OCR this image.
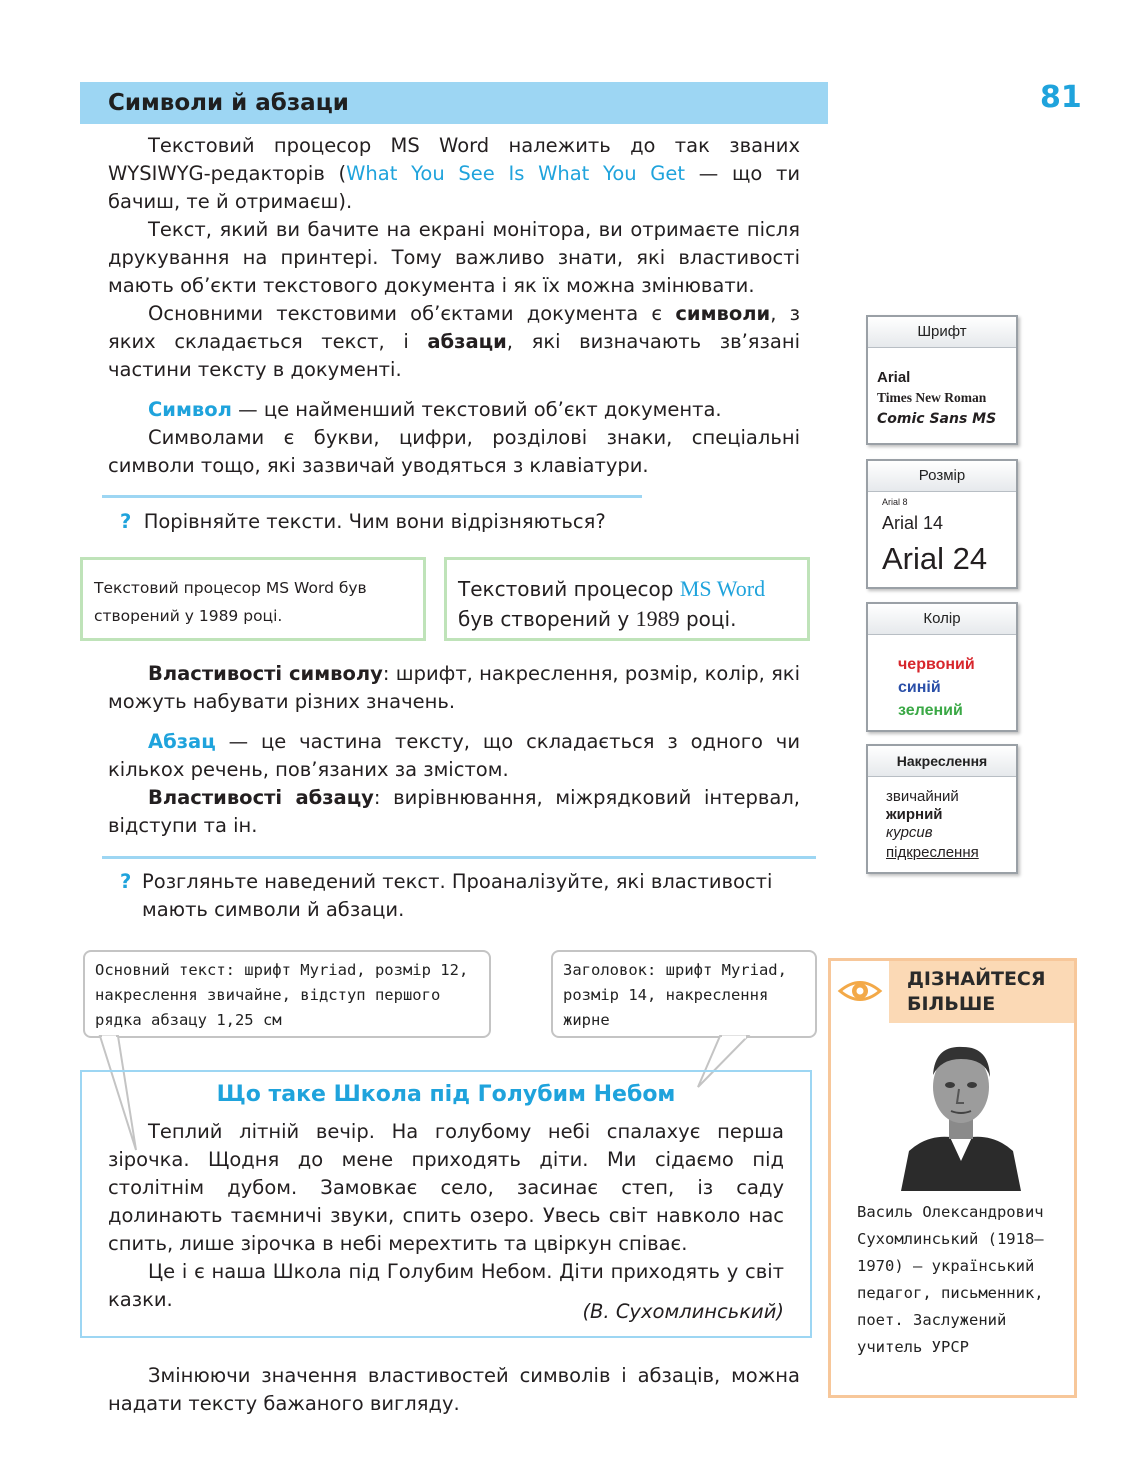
Символи й абзаци	81

Текстовий процесор MS Word належить до так званих WYSIWYG-редакторів (What You See Is What You Get — що ти бачиш, те й отримаєш).

Текст, який ви бачите на екрані монітора, ви отримаєте після друкування на принтері. Тому важливо знати, які властивості мають об’єкти текстового документа і як їх можна змінювати.

Основними текстовими об’єктами документа є символи, з яких складається текст, і абзаци, які визначають зв’язані частини тексту в документі.

Символ — це найменший текстовий об’єкт документа.

Символами є букви, цифри, розділові знаки, спеціальні символи тощо, які зазвичай уводяться з клавіатури.

? Порівняйте тексти. Чим вони відрізняються?
Текстовий процесор MS Word був створений у 1989 році.
Текстовий процесор MS Word був створений у 1989 році.

Властивості символу: шрифт, накреслення, розмір, колір, які можуть набувати різних значень.

Абзац — це частина тексту, що складається з одного чи кількох речень, пов’язаних за змістом.

Властивості абзацу: вирівнювання, міжрядковий інтервал, відступи та ін.

? Розгляньте наведений текст. Проаналізуйте, які властивості мають символи й абзаци.
Основний текст: шрифт Myriad, розмір 12, накреслення звичайне, відступ першого рядка абзацу 1,25 см
Заголовок: шрифт Myriad, розмір 14, накреслення жирне
Що таке Школа під Голубим Небом

Теплий літній вечір. На голубому небі спалахує перша зірочка. Щодня до мене приходять діти. Ми сідаємо під столітнім дубом. Замовкає село, засинає степ, із саду долинають таємничі звуки, спить озеро. Увесь світ навколо нас спить, лише зірочка в небі мерехтить та цвіркун співає.

Це і є наша Школа під Голубим Небом. Діти приходять у світ казки.

(В. Сухомлинський)

Змінюючи значення властивостей символів і абзаців, можна надати тексту бажаного вигляду.

Шрифт
Arial
Times New Roman
Comic Sans MS
Розмір
Arial 8
Arial 14
Arial 24
Колір
червоний
синій
зелений
Накреслення
звичайний
жирний
курсив
підкреслення
ДІЗНАЙТЕСЯ
БІЛЬШЕ
Василь Олександрович Сухомлинський (1918–1970) — український педагог, письменник, поет. Заслужений учитель УРСР
